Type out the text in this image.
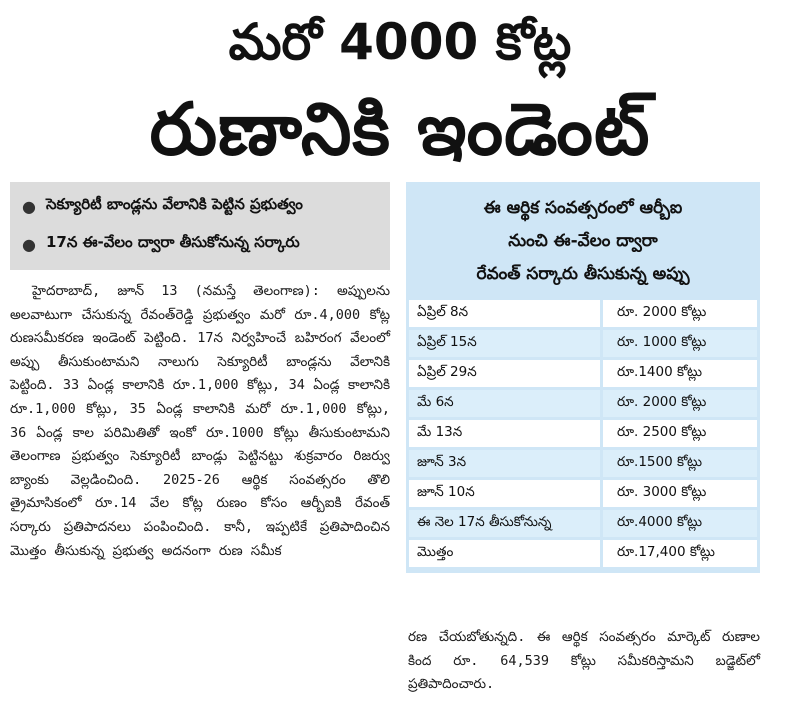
మరో 4000 కోట్ల
రుణానికి ఇండెంట్
● సెక్యూరిటీ బాండ్లను వేలానికి పెట్టిన ప్రభుత్వం
● 17న ఈ-వేలం ద్వారా తీసుకోనున్న సర్కారు

హైదరాబాద్, జూన్ 13 (నమస్తే తెలంగాణ): అప్పులను అలవాటుగా చేసుకున్న రేవంత్‌రెడ్డి ప్రభుత్వం మరో రూ.4,000 కోట్ల రుణసమీకరణ ఇండెంట్ పెట్టింది. 17న నిర్వహించే బహిరంగ వేలంలో అప్పు తీసుకుంటామని నాలుగు సెక్యూరిటీ బాండ్లను వేలానికి పెట్టింది. 33 ఏండ్ల కాలానికి రూ.1,000 కోట్లు, 34 ఏండ్ల కాలానికి రూ.1,000 కోట్లు, 35 ఏండ్ల కాలానికి మరో రూ.1,000 కోట్లు, 36 ఏండ్ల కాల పరిమితితో ఇంకో రూ.1000 కోట్లు తీసుకుంటామని తెలంగాణ ప్రభుత్వం సెక్యూరిటీ బాండ్లు పెట్టినట్టు శుక్రవారం రిజర్వు బ్యాంకు వెల్లడించింది. 2025-26 ఆర్థిక సంవత్సరం తొలి త్రైమాసికంలో రూ.14 వేల కోట్ల రుణం కోసం ఆర్బీఐకి రేవంత్ సర్కారు ప్రతిపాదనలు పంపించింది. కానీ, ఇప్పటికే ప్రతిపాదించిన మొత్తం తీసుకున్న ప్రభుత్వ అదనంగా రుణ సమీక

ఈ ఆర్థిక సంవత్సరంలో ఆర్బీఐ
నుంచి ఈ-వేలం ద్వారా
రేవంత్ సర్కారు తీసుకున్న అప్పు
ఏప్రిల్ 8న	రూ. 2000 కోట్లు
ఏప్రిల్ 15న	రూ. 1000 కోట్లు
ఏప్రిల్ 29న	రూ.1400 కోట్లు
మే 6న	రూ. 2000 కోట్లు
మే 13న	రూ. 2500 కోట్లు
జూన్ 3న	రూ.1500 కోట్లు
జూన్ 10న	రూ. 3000 కోట్లు
ఈ నెల 17న తీసుకోనున్న	రూ.4000 కోట్లు
మొత్తం	రూ.17,400 కోట్లు

రణ చేయబోతున్నది. ఈ ఆర్థిక సంవత్సరం మార్కెట్ రుణాల కింద రూ. 64,539 కోట్లు సమీకరిస్తామని బడ్జెట్‌లో ప్రతిపాదించారు.
